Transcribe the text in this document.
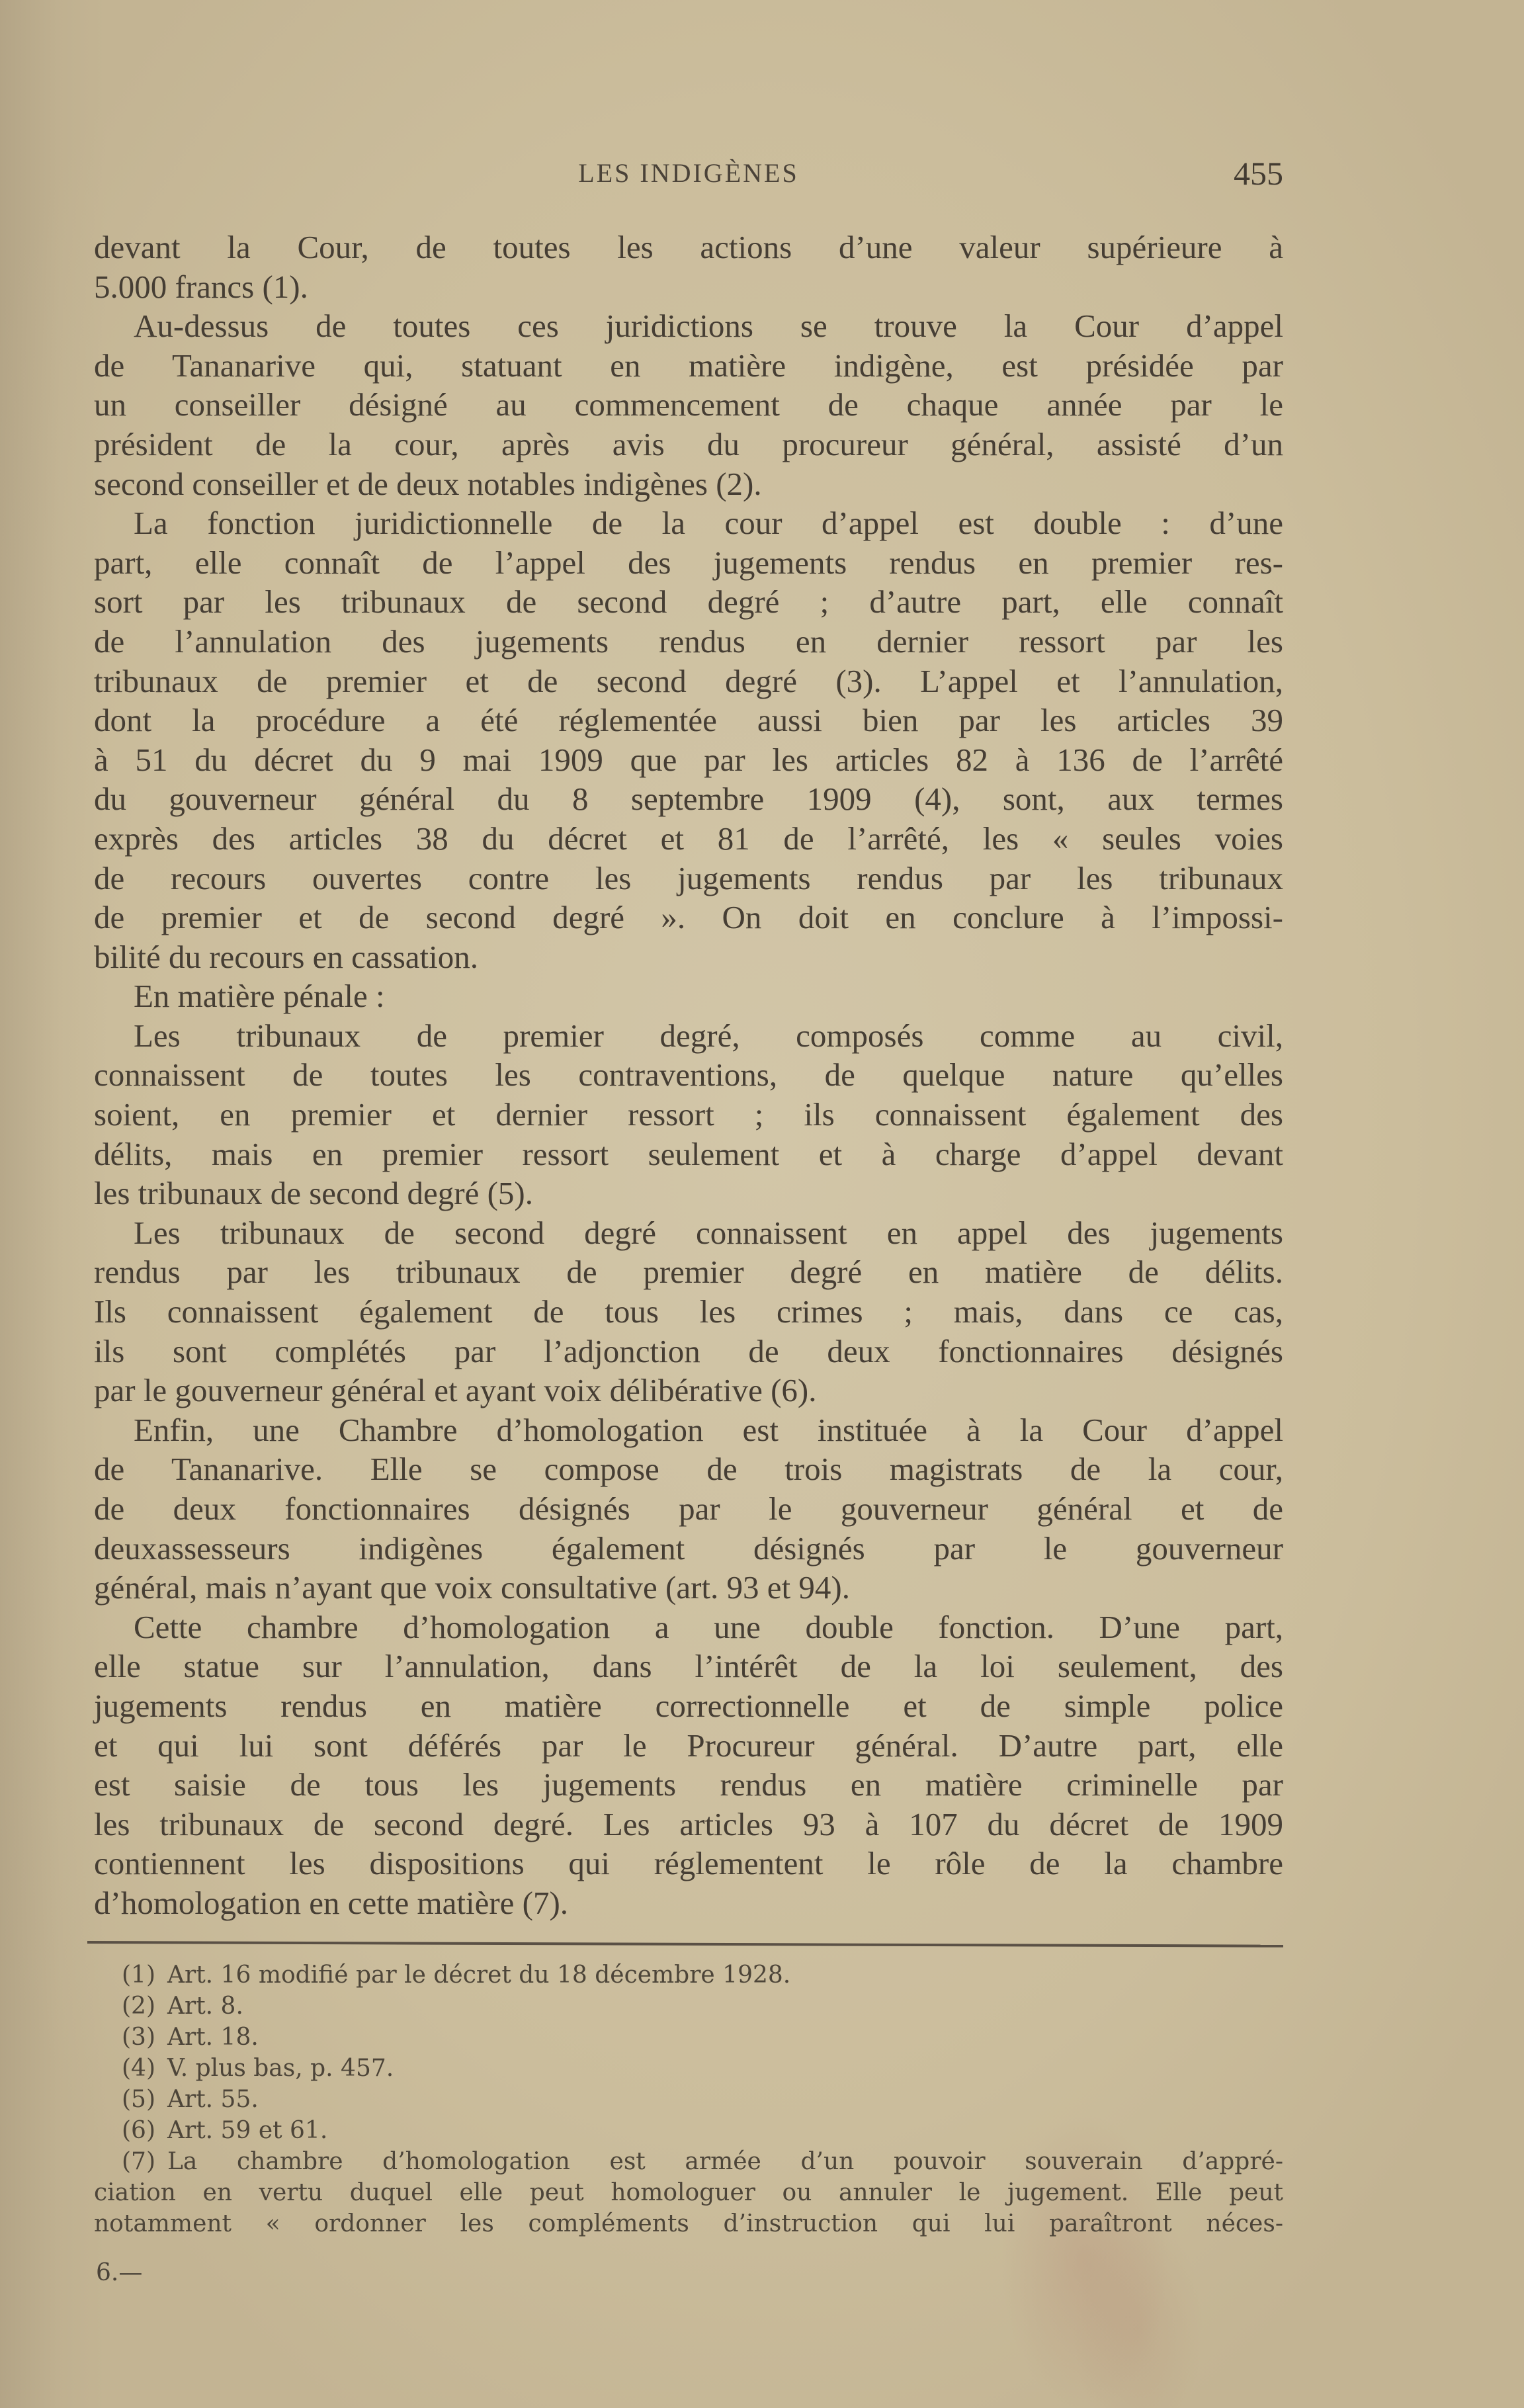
LES INDIGÈNES	455
devant la Cour, de toutes les actions d’une valeur supérieure à
5.000 francs (1).
Au-dessus de toutes ces juridictions se trouve la Cour d’appel
de Tananarive qui, statuant en matière indigène, est présidée par
un conseiller désigné au commencement de chaque année par le
président de la cour, après avis du procureur général, assisté d’un
second conseiller et de deux notables indigènes (2).
La fonction juridictionnelle de la cour d’appel est double : d’une
part, elle connaît de l’appel des jugements rendus en premier res-
sort par les tribunaux de second degré ; d’autre part, elle connaît
de l’annulation des jugements rendus en dernier ressort par les
tribunaux de premier et de second degré (3). L’appel et l’annulation,
dont la procédure a été réglementée aussi bien par les articles 39
à 51 du décret du 9 mai 1909 que par les articles 82 à 136 de l’arrêté
du gouverneur général du 8 septembre 1909 (4), sont, aux termes
exprès des articles 38 du décret et 81 de l’arrêté, les « seules voies
de recours ouvertes contre les jugements rendus par les tribunaux
de premier et de second degré ». On doit en conclure à l’impossi-
bilité du recours en cassation.
En matière pénale :
Les tribunaux de premier degré, composés comme au civil,
connaissent de toutes les contraventions, de quelque nature qu’elles
soient, en premier et dernier ressort ; ils connaissent également des
délits, mais en premier ressort seulement et à charge d’appel devant
les tribunaux de second degré (5).
Les tribunaux de second degré connaissent en appel des jugements
rendus par les tribunaux de premier degré en matière de délits.
Ils connaissent également de tous les crimes ; mais, dans ce cas,
ils sont complétés par l’adjonction de deux fonctionnaires désignés
par le gouverneur général et ayant voix délibérative (6).
Enfin, une Chambre d’homologation est instituée à la Cour d’appel
de Tananarive. Elle se compose de trois magistrats de la cour,
de deux fonctionnaires désignés par le gouverneur général et de
deuxassesseurs indigènes également désignés par le gouverneur
général, mais n’ayant que voix consultative (art. 93 et 94).
Cette chambre d’homologation a une double fonction. D’une part,
elle statue sur l’annulation, dans l’intérêt de la loi seulement, des
jugements rendus en matière correctionnelle et de simple police
et qui lui sont déférés par le Procureur général. D’autre part, elle
est saisie de tous les jugements rendus en matière criminelle par
les tribunaux de second degré. Les articles 93 à 107 du décret de 1909
contiennent les dispositions qui réglementent le rôle de la chambre
d’homologation en cette matière (7).
(1) Art. 16 modifié par le décret du 18 décembre 1928.
(2) Art. 8.
(3) Art. 18.
(4) V. plus bas, p. 457.
(5) Art. 55.
(6) Art. 59 et 61.
(7) La chambre d’homologation est armée d’un pouvoir souverain d’appré-
ciation en vertu duquel elle peut homologuer ou annuler le jugement. Elle peut
notamment « ordonner les compléments d’instruction qui lui paraîtront néces-
6.—
